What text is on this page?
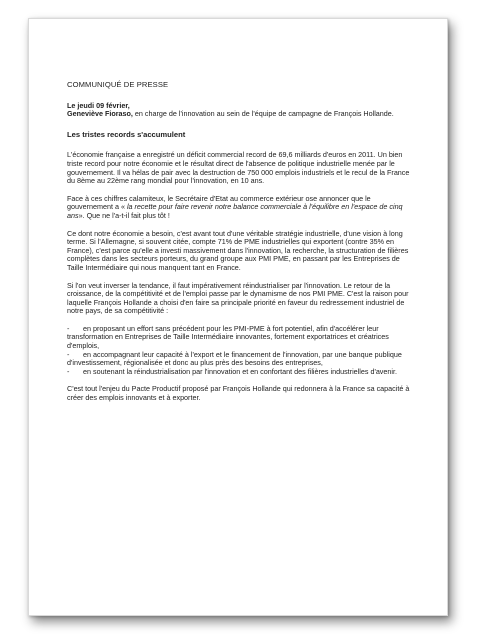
COMMUNIQUÉ DE PRESSE
Le jeudi 09 février,
Geneviève Fioraso, en charge de l'innovation au sein de l'équipe de campagne de François Hollande.
Les tristes records s'accumulent

L'économie française a enregistré un déficit commercial record de 69,6 milliards d'euros en 2011. Un bien triste record pour notre économie et le résultat direct de l'absence de politique industrielle menée par le gouvernement. Il va hélas de pair avec la destruction de 750 000 emplois industriels et le recul de la France du 8ème au 22ème rang mondial pour l'innovation, en 10 ans.

Face à ces chiffres calamiteux, le Secrétaire d'Etat au commerce extérieur ose annoncer que le gouvernement a « la recette pour faire revenir notre balance commerciale à l'équilibre en l'espace de cinq ans». Que ne l'a-t-il fait plus tôt !

Ce dont notre économie a besoin, c'est avant tout d'une véritable stratégie industrielle, d'une vision à long terme. Si l'Allemagne, si souvent citée, compte 71% de PME industrielles qui exportent (contre 35% en France), c'est parce qu'elle a investi massivement dans l'innovation, la recherche, la structuration de filières complètes dans les secteurs porteurs, du grand groupe aux PMI PME, en passant par les Entreprises de Taille Intermédiaire qui nous manquent tant en France.

Si l'on veut inverser la tendance, il faut impérativement réindustrialiser par l'innovation. Le retour de la croissance, de la compétitivité et de l'emploi passe par le dynamisme de nos PMI PME. C'est la raison pour laquelle François Hollande a choisi d'en faire sa principale priorité en faveur du redressement industriel de notre pays, de sa compétitivité :

- en proposant un effort sans précédent pour les PMI-PME à fort potentiel, afin d'accélérer leur transformation en Entreprises de Taille Intermédiaire innovantes, fortement exportatrices et créatrices d'emplois,
- en accompagnant leur capacité à l'export et le financement de l'innovation, par une banque publique d'investissement, régionalisée et donc au plus près des besoins des entreprises,
- en soutenant la réindustrialisation par l'innovation et en confortant des filières industrielles d'avenir.

C'est tout l'enjeu du Pacte Productif proposé par François Hollande qui redonnera à la France sa capacité à créer des emplois innovants et à exporter.
